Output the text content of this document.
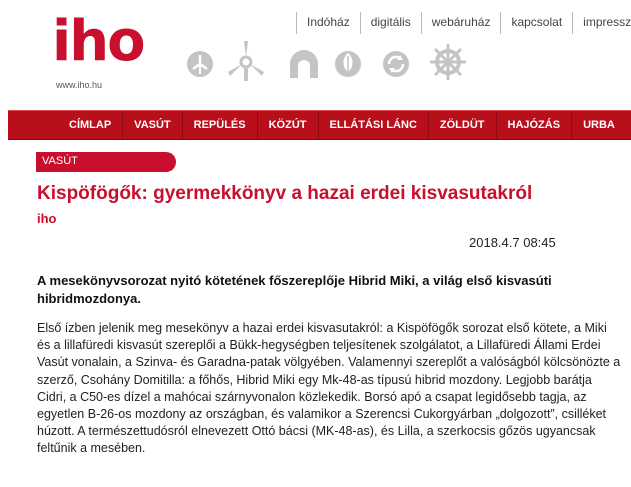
iho
www.iho.hu
Indóház	digitális	webáruház	kapcsolat	impressz
CÍMLAP	VASÚT	REPÜLÉS	KÖZÚT	ELLÁTÁSI LÁNC	ZÖLDÜT	HAJÓZÁS	URBA
VASÚT
Kispöfögők: gyermekkönyv a hazai erdei kisvasutakról
iho
2018.4.7 08:45

A mesekönyvsorozat nyitó kötetének főszereplője Hibrid Miki, a világ első kisvasúti hibridmozdonya.

Első ízben jelenik meg mesekönyv a hazai erdei kisvasutakról: a Kispöfögők sorozat első kötete, a Miki és a lillafüredi kisvasút szereplői a Bükk-hegységben teljesítenek szolgálatot, a Lillafüredi Állami Erdei Vasút vonalain, a Szinva- és Garadna-patak völgyében. Valamennyi szereplőt a valóságból kölcsönözte a szerző, Csohány Domitilla: a főhős, Hibrid Miki egy Mk-48-as típusú hibrid mozdony. Legjobb barátja Cidri, a C50-es dízel a mahócai szárnyvonalon közlekedik. Borsó apó a csapat legidősebb tagja, az egyetlen B-26-os mozdony az országban, és valamikor a Szerencsi Cukorgyárban „dolgozott”, csilléket húzott. A természettudósról elnevezett Ottó bácsi (MK-48-as), és Lilla, a szerkocsis gőzös ugyancsak feltűnik a mesében.
